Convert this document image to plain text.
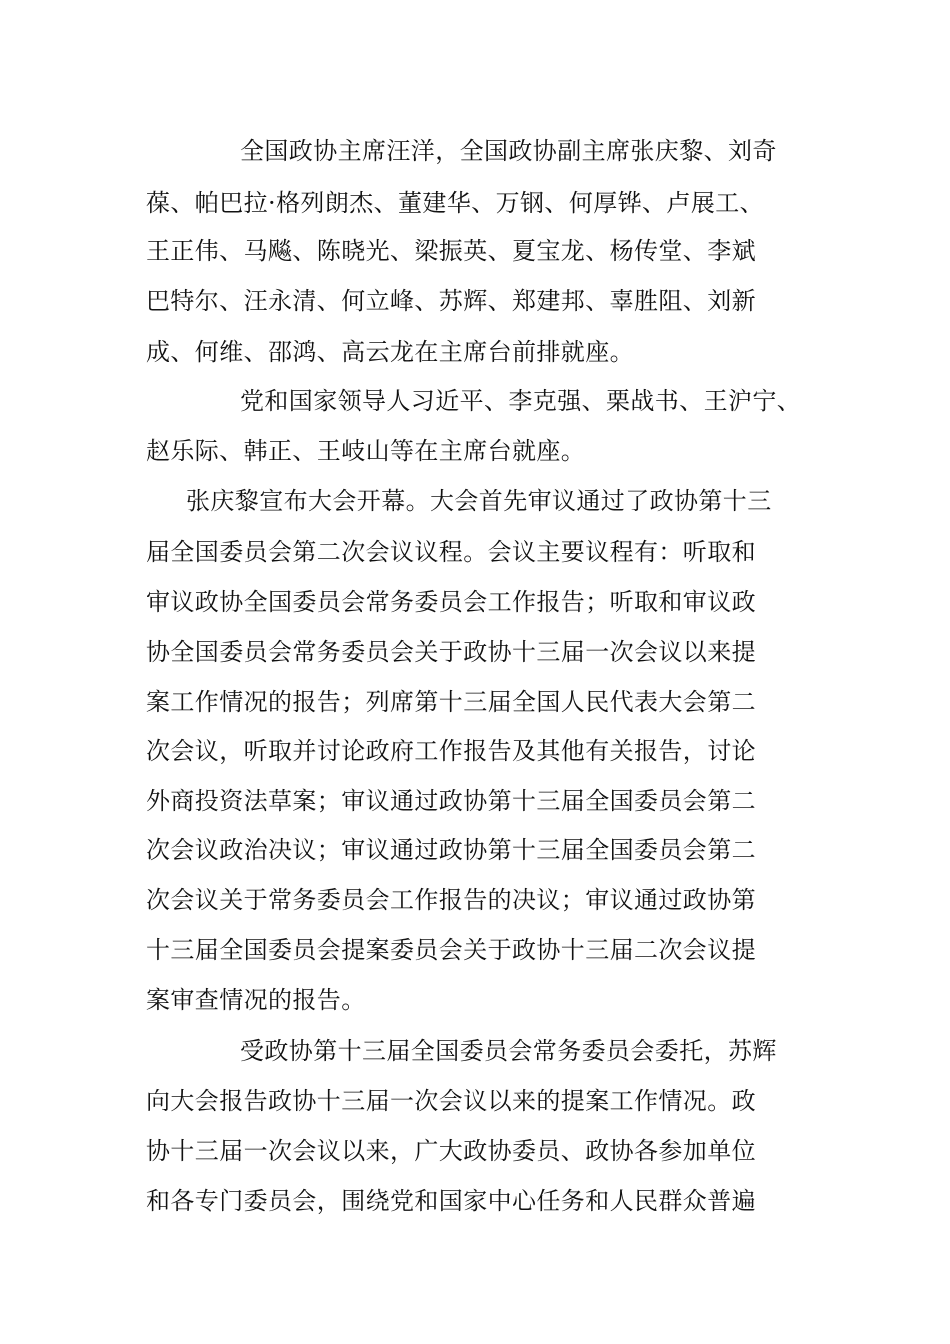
全国政协主席汪洋，全国政协副主席张庆黎、刘奇
葆、帕巴拉·格列朗杰、董建华、万钢、何厚铧、卢展工、
王正伟、马飚、陈晓光、梁振英、夏宝龙、杨传堂、李斌
巴特尔、汪永清、何立峰、苏辉、郑建邦、辜胜阻、刘新
成、何维、邵鸿、高云龙在主席台前排就座。
党和国家领导人习近平、李克强、栗战书、王沪宁、
赵乐际、韩正、王岐山等在主席台就座。
张庆黎宣布大会开幕。大会首先审议通过了政协第十三
届全国委员会第二次会议议程。会议主要议程有：听取和
审议政协全国委员会常务委员会工作报告；听取和审议政
协全国委员会常务委员会关于政协十三届一次会议以来提
案工作情况的报告；列席第十三届全国人民代表大会第二
次会议，听取并讨论政府工作报告及其他有关报告，讨论
外商投资法草案；审议通过政协第十三届全国委员会第二
次会议政治决议；审议通过政协第十三届全国委员会第二
次会议关于常务委员会工作报告的决议；审议通过政协第
十三届全国委员会提案委员会关于政协十三届二次会议提
案审查情况的报告。
受政协第十三届全国委员会常务委员会委托，苏辉
向大会报告政协十三届一次会议以来的提案工作情况。政
协十三届一次会议以来，广大政协委员、政协各参加单位
和各专门委员会，围绕党和国家中心任务和人民群众普遍
